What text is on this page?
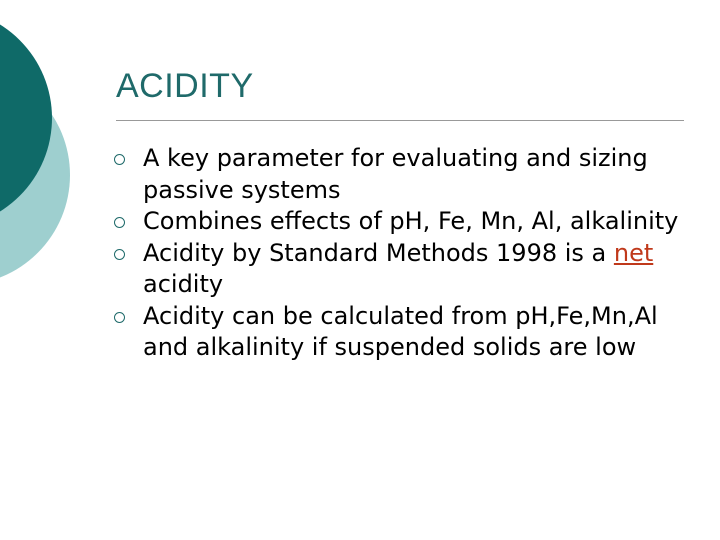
ACIDITY
A key parameter for evaluating and sizing passive systems
Combines effects of pH, Fe, Mn, Al, alkalinity
Acidity by Standard Methods 1998 is a net acidity
Acidity can be calculated from pH,Fe,Mn,Al and alkalinity if suspended solids are low
